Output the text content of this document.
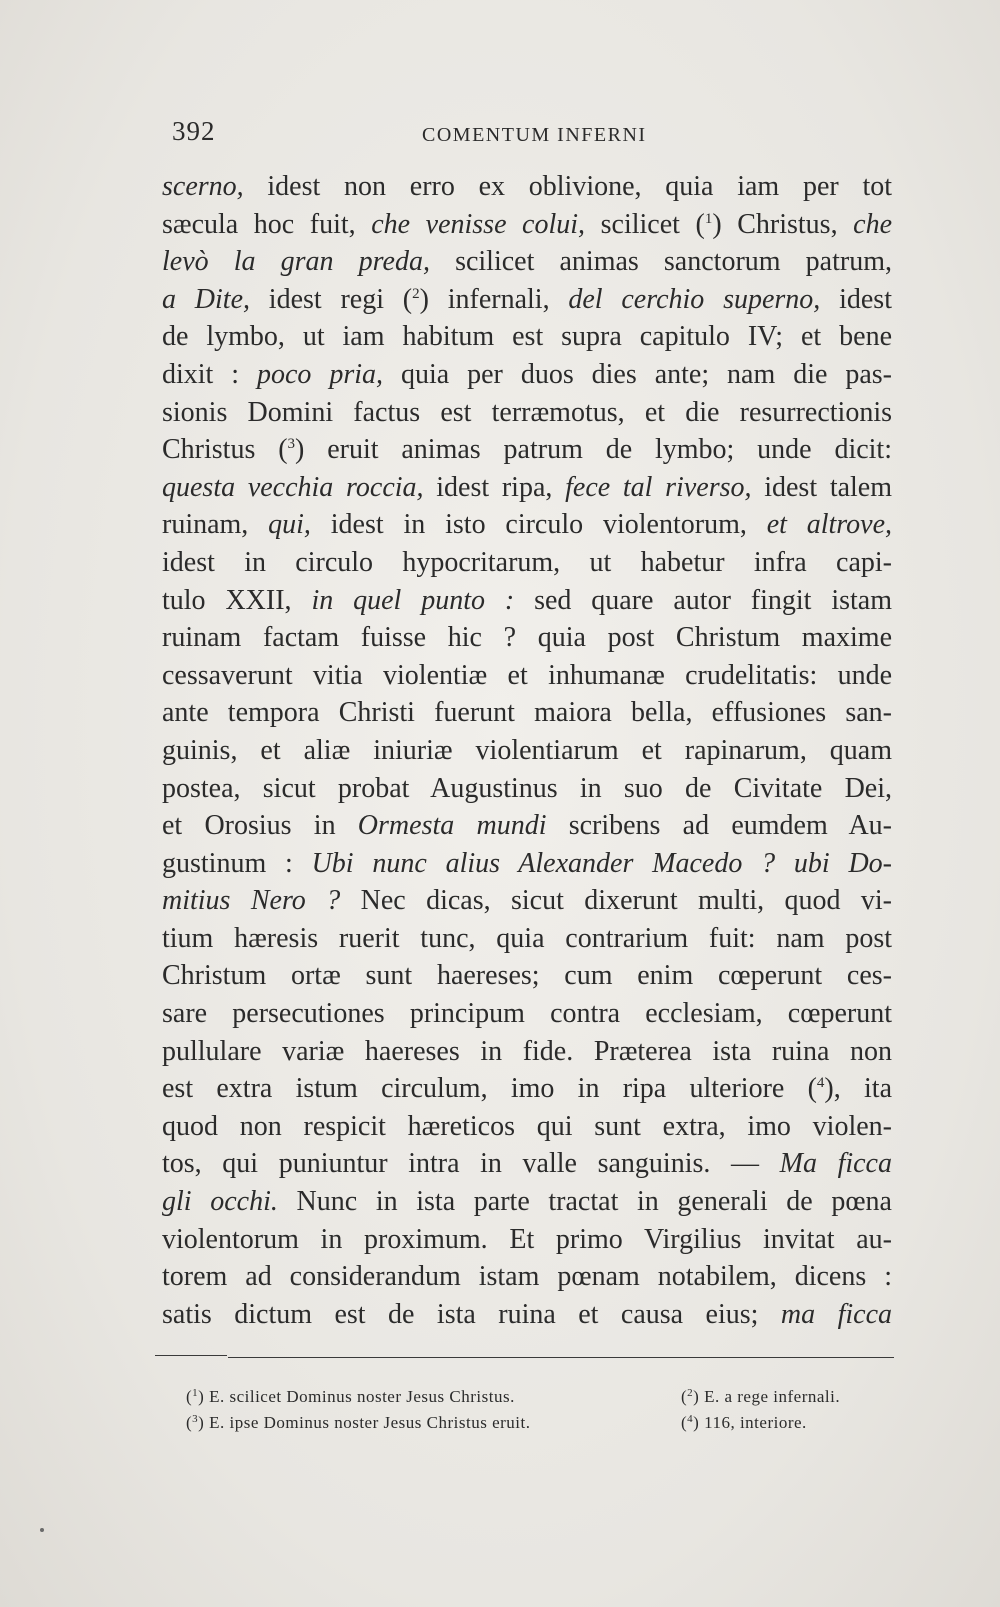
392	COMENTUM INFERNI
scerno, idest non erro ex oblivione, quia iam per tot
sæcula hoc fuit, che venisse colui, scilicet ($^1$) Christus, che
levò la gran preda, scilicet animas sanctorum patrum,
a Dite, idest regi ($^2$) infernali, del cerchio superno, idest
de lymbo, ut iam habitum est supra capitulo IV; et bene
dixit : poco pria, quia per duos dies ante; nam die pas-
sionis Domini factus est terræmotus, et die resurrectionis
Christus ($^3$) eruit animas patrum de lymbo; unde dicit:
questa vecchia roccia, idest ripa, fece tal riverso, idest talem
ruinam, qui, idest in isto circulo violentorum, et altrove,
idest in circulo hypocritarum, ut habetur infra capi-
tulo XXII, in quel punto : sed quare autor fingit istam
ruinam factam fuisse hic ? quia post Christum maxime
cessaverunt vitia violentiæ et inhumanæ crudelitatis: unde
ante tempora Christi fuerunt maiora bella, effusiones san-
guinis, et aliæ iniuriæ violentiarum et rapinarum, quam
postea, sicut probat Augustinus in suo de Civitate Dei,
et Orosius in Ormesta mundi scribens ad eumdem Au-
gustinum : Ubi nunc alius Alexander Macedo ? ubi Do-
mitius Nero ? Nec dicas, sicut dixerunt multi, quod vi-
tium hæresis ruerit tunc, quia contrarium fuit: nam post
Christum ortæ sunt haereses; cum enim cœperunt ces-
sare persecutiones principum contra ecclesiam, cœperunt
pullulare variæ haereses in fide. Præterea ista ruina non
est extra istum circulum, imo in ripa ulteriore ($^4$), ita
quod non respicit hæreticos qui sunt extra, imo violen-
tos, qui puniuntur intra in valle sanguinis. — Ma ficca
gli occhi. Nunc in ista parte tractat in generali de pœna
violentorum in proximum. Et primo Virgilius invitat au-
torem ad considerandum istam pœnam notabilem, dicens :
satis dictum est de ista ruina et causa eius; ma ficca
($^1$) E. scilicet Dominus noster Jesus Christus.	($^2$) E. a rege infernali.
($^3$) E. ipse Dominus noster Jesus Christus eruit.	($^4$) 116, interiore.
